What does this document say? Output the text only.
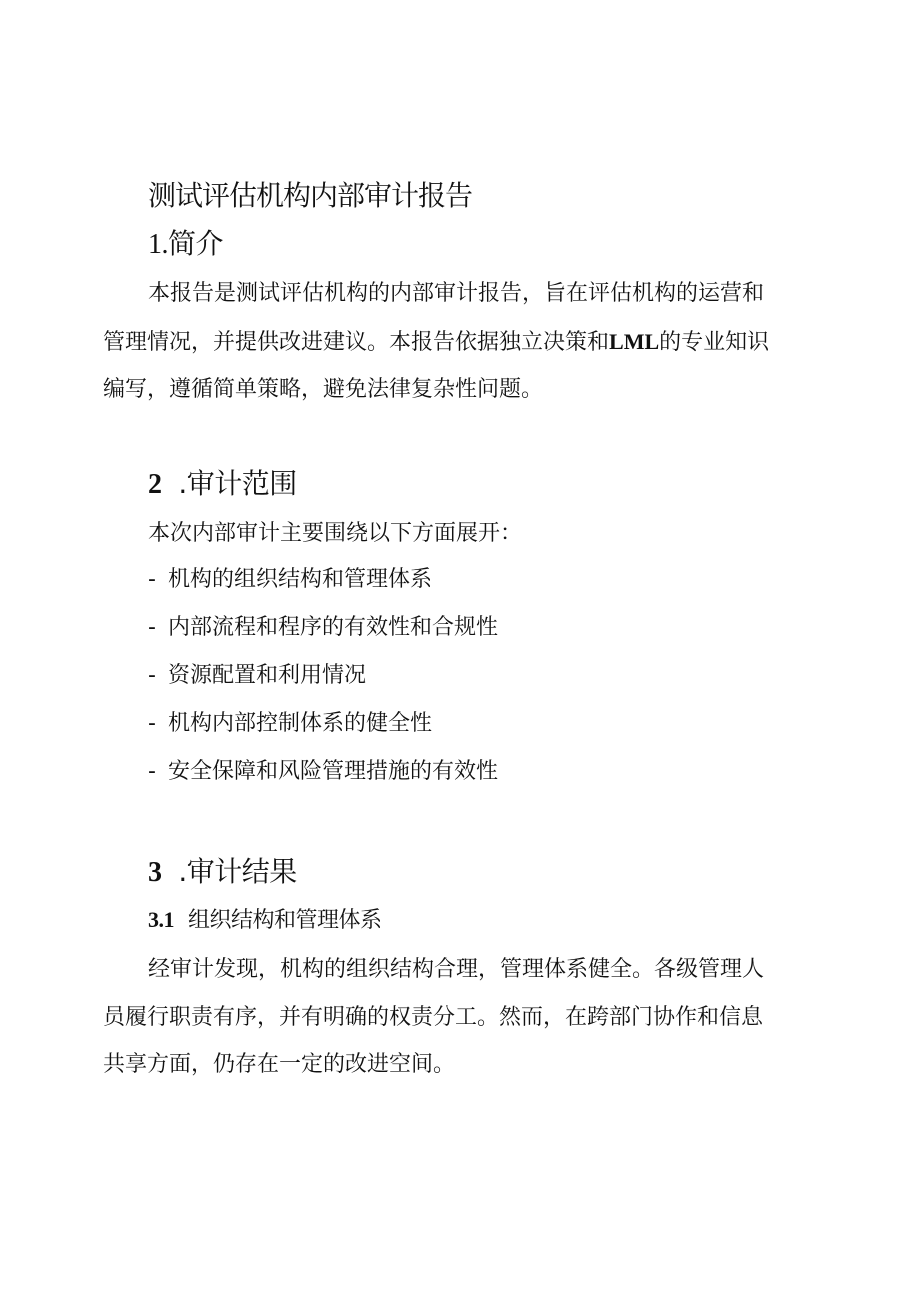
测试评估机构内部审计报告
1.简介
本报告是测试评估机构的内部审计报告，旨在评估机构的运营和
管理情况，并提供改进建议。本报告依据独立决策和LML的专业知识
编写，遵循简单策略，避免法律复杂性问题。
2 .审计范围
本次内部审计主要围绕以下方面展开：
- 机构的组织结构和管理体系
- 内部流程和程序的有效性和合规性
- 资源配置和利用情况
- 机构内部控制体系的健全性
- 安全保障和风险管理措施的有效性
3 .审计结果
3.1 组织结构和管理体系
经审计发现，机构的组织结构合理，管理体系健全。各级管理人
员履行职责有序，并有明确的权责分工。然而，在跨部门协作和信息
共享方面，仍存在一定的改进空间。
